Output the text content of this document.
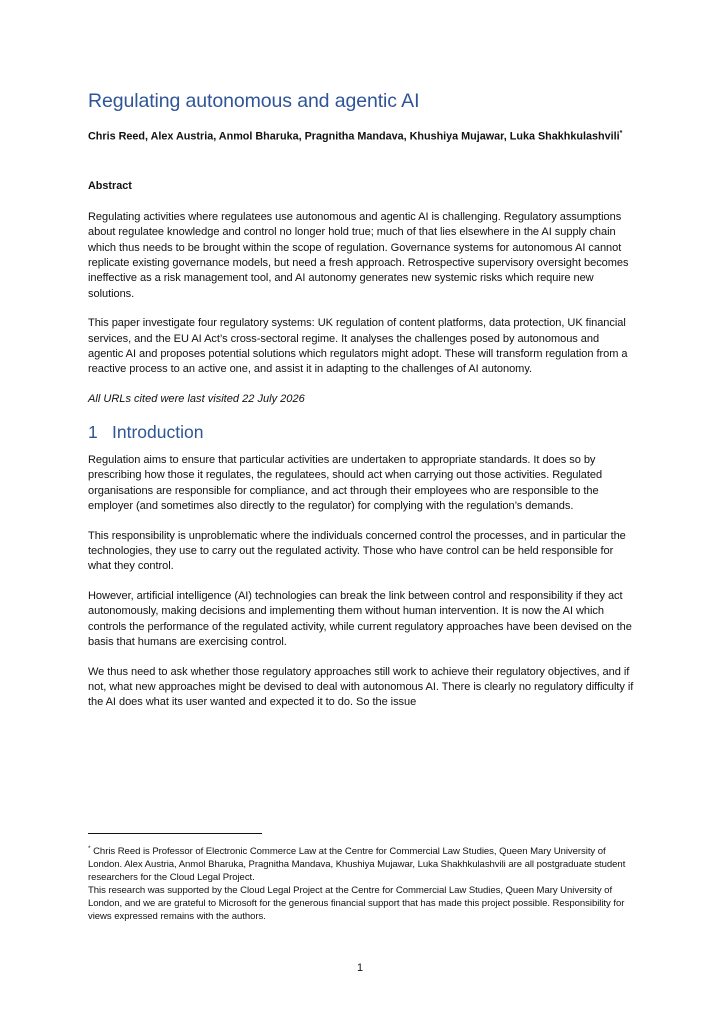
Regulating autonomous and agentic AI

Chris Reed, Alex Austria, Anmol Bharuka, Pragnitha Mandava, Khushiya Mujawar, Luka Shakhkulashvili*

Abstract

Regulating activities where regulatees use autonomous and agentic AI is challenging. Regulatory assumptions about regulatee knowledge and control no longer hold true; much of that lies elsewhere in the AI supply chain which thus needs to be brought within the scope of regulation. Governance systems for autonomous AI cannot replicate existing governance models, but need a fresh approach. Retrospective supervisory oversight becomes ineffective as a risk management tool, and AI autonomy generates new systemic risks which require new solutions.

This paper investigate four regulatory systems: UK regulation of content platforms, data protection, UK financial services, and the EU AI Act’s cross-sectoral regime. It analyses the challenges posed by autonomous and agentic AI and proposes potential solutions which regulators might adopt. These will transform regulation from a reactive process to an active one, and assist it in adapting to the challenges of AI autonomy.

All URLs cited were last visited 22 July 2026

1 Introduction

Regulation aims to ensure that particular activities are undertaken to appropriate standards. It does so by prescribing how those it regulates, the regulatees, should act when carrying out those activities. Regulated organisations are responsible for compliance, and act through their employees who are responsible to the employer (and sometimes also directly to the regulator) for complying with the regulation’s demands.

This responsibility is unproblematic where the individuals concerned control the processes, and in particular the technologies, they use to carry out the regulated activity. Those who have control can be held responsible for what they control.

However, artificial intelligence (AI) technologies can break the link between control and responsibility if they act autonomously, making decisions and implementing them without human intervention. It is now the AI which controls the performance of the regulated activity, while current regulatory approaches have been devised on the basis that humans are exercising control.

We thus need to ask whether those regulatory approaches still work to achieve their regulatory objectives, and if not, what new approaches might be devised to deal with autonomous AI. There is clearly no regulatory difficulty if the AI does what its user wanted and expected it to do. So the issue

* Chris Reed is Professor of Electronic Commerce Law at the Centre for Commercial Law Studies, Queen Mary University of London. Alex Austria, Anmol Bharuka, Pragnitha Mandava, Khushiya Mujawar, Luka Shakhkulashvili are all postgraduate student researchers for the Cloud Legal Project.

This research was supported by the Cloud Legal Project at the Centre for Commercial Law Studies, Queen Mary University of London, and we are grateful to Microsoft for the generous financial support that has made this project possible. Responsibility for views expressed remains with the authors.

1
